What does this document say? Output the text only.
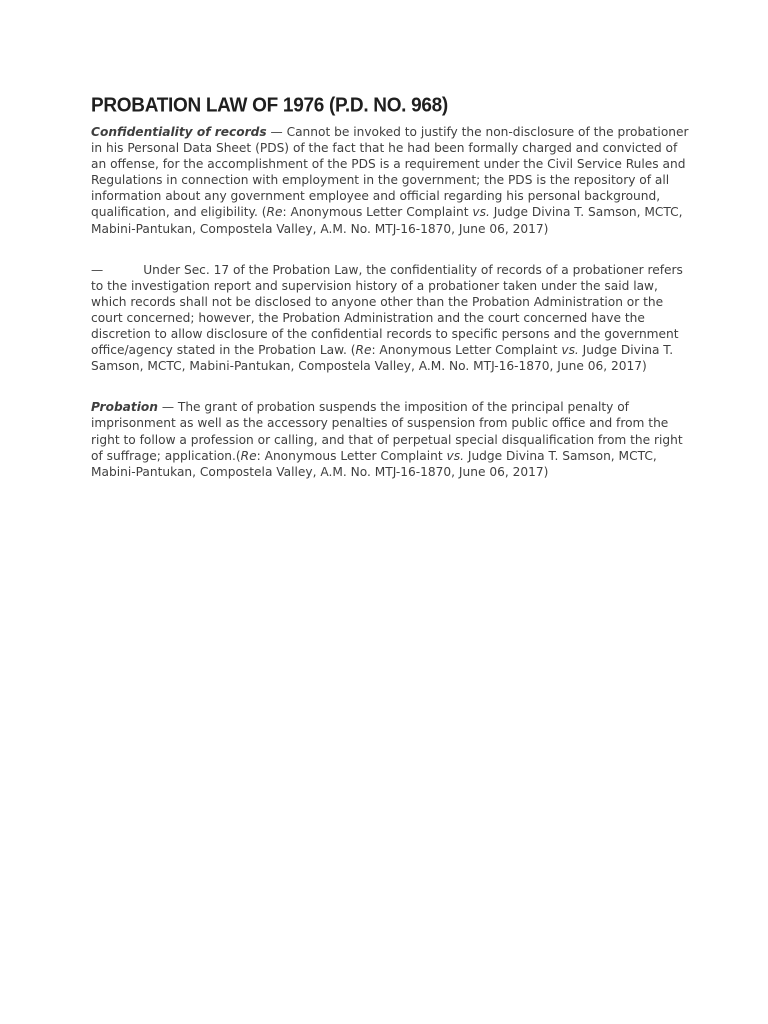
PROBATION LAW OF 1976 (P.D. NO. 968)

Confidentiality of records — Cannot be invoked to justify the non-disclosure of the probationer in his Personal Data Sheet (PDS) of the fact that he had been formally charged and convicted of an offense, for the accomplishment of the PDS is a requirement under the Civil Service Rules and Regulations in connection with employment in the government; the PDS is the repository of all information about any government employee and official regarding his personal background, qualification, and eligibility. (Re: Anonymous Letter Complaint vs. Judge Divina T. Samson, MCTC, Mabini-Pantukan, Compostela Valley, A.M. No. MTJ-16-1870, June 06, 2017)

—	Under Sec. 17 of the Probation Law, the confidentiality of records of a probationer refers to the investigation report and supervision history of a probationer taken under the said law, which records shall not be disclosed to anyone other than the Probation Administration or the court concerned; however, the Probation Administration and the court concerned have the discretion to allow disclosure of the confidential records to specific persons and the government office/agency stated in the Probation Law. (Re: Anonymous Letter Complaint vs. Judge Divina T. Samson, MCTC, Mabini-Pantukan, Compostela Valley, A.M. No. MTJ-16-1870, June 06, 2017)

Probation — The grant of probation suspends the imposition of the principal penalty of imprisonment as well as the accessory penalties of suspension from public office and from the right to follow a profession or calling, and that of perpetual special disqualification from the right of suffrage; application.(Re: Anonymous Letter Complaint vs. Judge Divina T. Samson, MCTC, Mabini-Pantukan, Compostela Valley, A.M. No. MTJ-16-1870, June 06, 2017)
